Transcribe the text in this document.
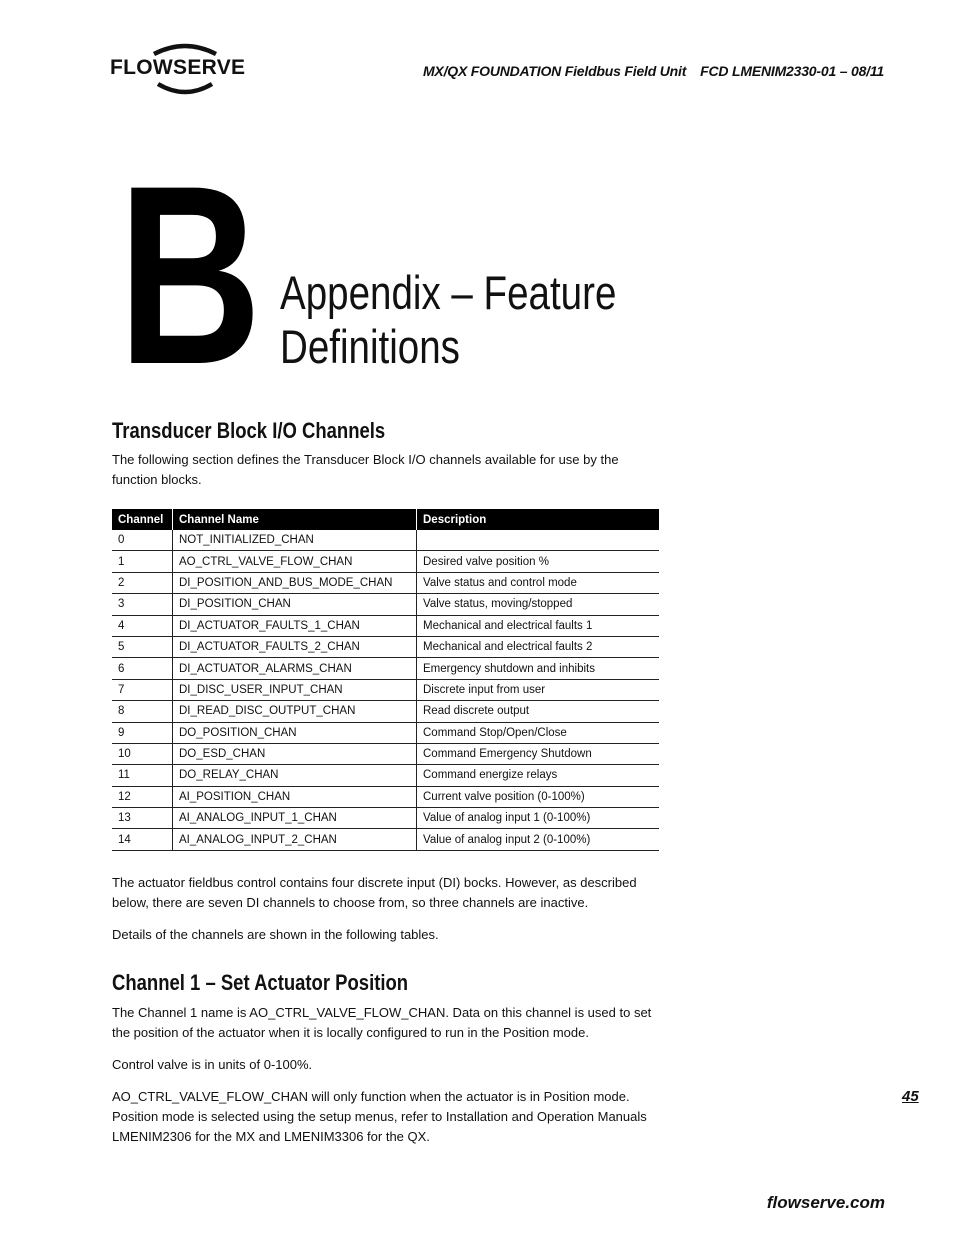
FLOWSERVE	MX/QX FOUNDATION Fieldbus Field Unit FCD LMENIM2330-01 – 08/11
B Appendix – Feature
Definitions
Transducer Block I/O Channels

The following section defines the Transducer Block I/O channels available for use by the function blocks.

Channel	Channel Name	Description
0	NOT_INITIALIZED_CHAN	
1	AO_CTRL_VALVE_FLOW_CHAN	Desired valve position %
2	DI_POSITION_AND_BUS_MODE_CHAN	Valve status and control mode
3	DI_POSITION_CHAN	Valve status, moving/stopped
4	DI_ACTUATOR_FAULTS_1_CHAN	Mechanical and electrical faults 1
5	DI_ACTUATOR_FAULTS_2_CHAN	Mechanical and electrical faults 2
6	DI_ACTUATOR_ALARMS_CHAN	Emergency shutdown and inhibits
7	DI_DISC_USER_INPUT_CHAN	Discrete input from user
8	DI_READ_DISC_OUTPUT_CHAN	Read discrete output
9	DO_POSITION_CHAN	Command Stop/Open/Close
10	DO_ESD_CHAN	Command Emergency Shutdown
11	DO_RELAY_CHAN	Command energize relays
12	AI_POSITION_CHAN	Current valve position (0-100%)
13	AI_ANALOG_INPUT_1_CHAN	Value of analog input 1 (0-100%)
14	AI_ANALOG_INPUT_2_CHAN	Value of analog input 2 (0-100%)

The actuator fieldbus control contains four discrete input (DI) bocks. However, as described below, there are seven DI channels to choose from, so three channels are inactive.

Details of the channels are shown in the following tables.

Channel 1 – Set Actuator Position

The Channel 1 name is AO_CTRL_VALVE_FLOW_CHAN. Data on this channel is used to set the position of the actuator when it is locally configured to run in the Position mode.

Control valve is in units of 0-100%.

AO_CTRL_VALVE_FLOW_CHAN will only function when the actuator is in Position mode. Position mode is selected using the setup menus, refer to Installation and Operation Manuals LMENIM2306 for the MX and LMENIM3306 for the QX.

45
flowserve.com
